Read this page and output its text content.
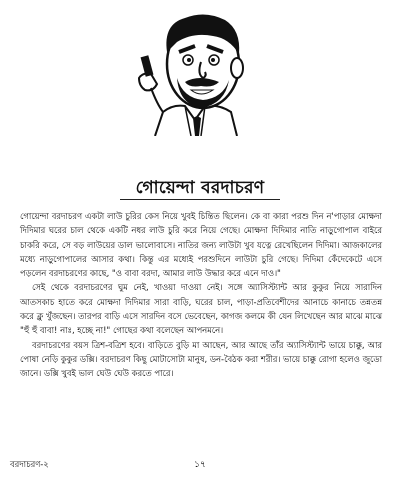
গোয়েন্দা বরদাচরণ

গোয়েন্দা বরদাচরণ একটা লাউ চুরির কেস নিয়ে খুবই চিন্তিত ছিলেন। কে বা কারা পরশু দিন ন'পাড়ার মোক্ষদা দিদিমার ঘরের চাল থেকে একটি নধর লাউ চুরি করে নিয়ে গেছে। মোক্ষদা দিদিমার নাতি নাড়ুগোপাল বাইরে চাকরি করে, সে বড় লাউয়ের ডাল ভালোবাসে। নাতির জন্য লাউটা খুব যত্নে রেখেছিলেন দিদিমা। আজকালের মধ্যে নাড়ুগোপালের আসার কথা। কিন্তু এর মধ্যেই পরশুদিনে লাউটা চুরি গেছে। দিদিমা কেঁদেকেটে এসে পড়লেন বরদাচরণের কাছে, "ও বাবা বরদা, আমার লাউ উদ্ধার করে এনে দাও।"

সেই থেকে বরদাচরণের ঘুম নেই, খাওয়া দাওয়া নেই। সঙ্গে অ্যাসিস্ট্যান্ট আর কুকুর নিয়ে সারাদিন আতসকাচ হাতে করে মোক্ষদা দিদিমার সারা বাড়ি, ঘরের চাল, পাড়া-প্রতিবেশীদের আনাচে কানাচে তন্নতন্ন করে ক্লু খুঁজছেন। তারপর বাড়ি এসে সারদিন বসে ভেবেছেন, কাগজ কলমে কী যেন লিখেছেন আর মাঝে মাঝে "হুঁ হুঁ বাবা! নাঃ, হচ্ছে না!" গোছের কথা বলেছেন আপনমনে।

বরদাচরণের বয়স ত্রিশ-বত্রিশ হবে। বাড়িতে বুড়ি মা আছেন, আর আছে তাঁর অ্যাসিস্ট্যান্ট ভায়ে চাক্কু, আর পোষা নেড়ি কুকুর ডক্সি। বরদাচরণ কিছু মোটাসোটা মানুষ, ডন-বৈঠক করা শরীর। ভায়ে চাক্কু রোগা হলেও জুডো জানে। ডক্সি খুবই ভাল ঘেউ ঘেউ করতে পারে।

বরদাচরণ-২	১৭
